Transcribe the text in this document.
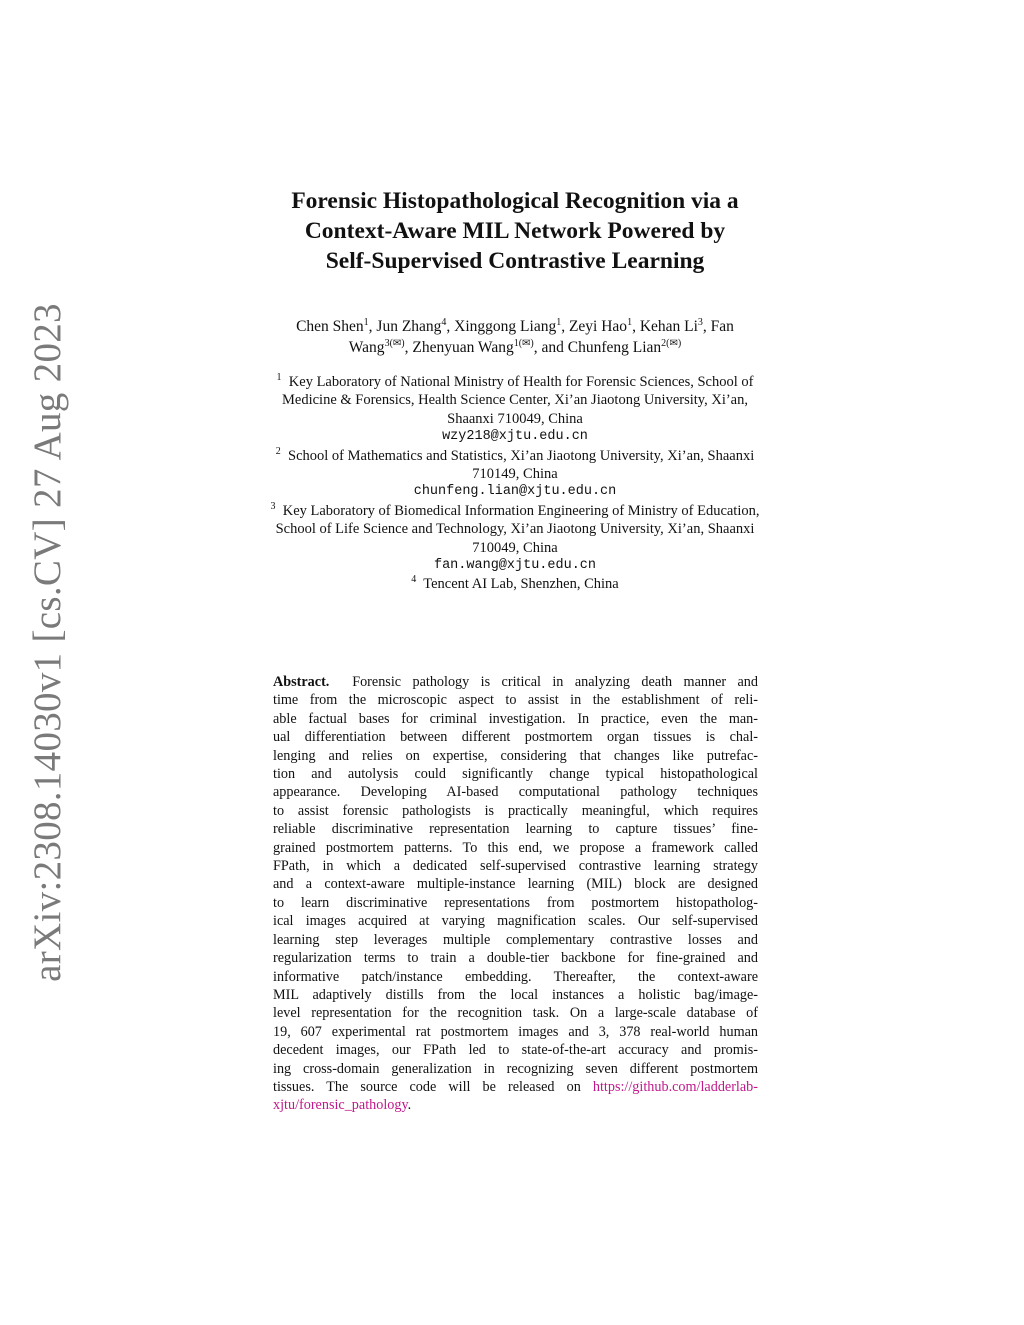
arXiv:2308.14030v1 [cs.CV] 27 Aug 2023
Forensic Histopathological Recognition via a
Context-Aware MIL Network Powered by
Self-Supervised Contrastive Learning
Chen Shen$^1$, Jun Zhang$^4$, Xinggong Liang$^1$, Zeyi Hao$^1$, Kehan Li$^3$, Fan
Wang$^{3(✉)}$, Zhenyuan Wang$^{1(✉)}$, and Chunfeng Lian$^{2(✉)}$
$^1$ Key Laboratory of National Ministry of Health for Forensic Sciences, School of
Medicine & Forensics, Health Science Center, Xi’an Jiaotong University, Xi’an,
Shaanxi 710049, China
wzy218@xjtu.edu.cn
$^2$ School of Mathematics and Statistics, Xi’an Jiaotong University, Xi’an, Shaanxi
710149, China
chunfeng.lian@xjtu.edu.cn
$^3$ Key Laboratory of Biomedical Information Engineering of Ministry of Education,
School of Life Science and Technology, Xi’an Jiaotong University, Xi’an, Shaanxi
710049, China
fan.wang@xjtu.edu.cn
$^4$ Tencent AI Lab, Shenzhen, China
Abstract. Forensic pathology is critical in analyzing death manner and
time from the microscopic aspect to assist in the establishment of reli-
able factual bases for criminal investigation. In practice, even the man-
ual differentiation between different postmortem organ tissues is chal-
lenging and relies on expertise, considering that changes like putrefac-
tion and autolysis could significantly change typical histopathological
appearance. Developing AI-based computational pathology techniques
to assist forensic pathologists is practically meaningful, which requires
reliable discriminative representation learning to capture tissues’ fine-
grained postmortem patterns. To this end, we propose a framework called
FPath, in which a dedicated self-supervised contrastive learning strategy
and a context-aware multiple-instance learning (MIL) block are designed
to learn discriminative representations from postmortem histopatholog-
ical images acquired at varying magnification scales. Our self-supervised
learning step leverages multiple complementary contrastive losses and
regularization terms to train a double-tier backbone for fine-grained and
informative patch/instance embedding. Thereafter, the context-aware
MIL adaptively distills from the local instances a holistic bag/image-
level representation for the recognition task. On a large-scale database of
19, 607 experimental rat postmortem images and 3, 378 real-world human
decedent images, our FPath led to state-of-the-art accuracy and promis-
ing cross-domain generalization in recognizing seven different postmortem
tissues. The source code will be released on https://github.com/ladderlab-
xjtu/forensic_pathology.
